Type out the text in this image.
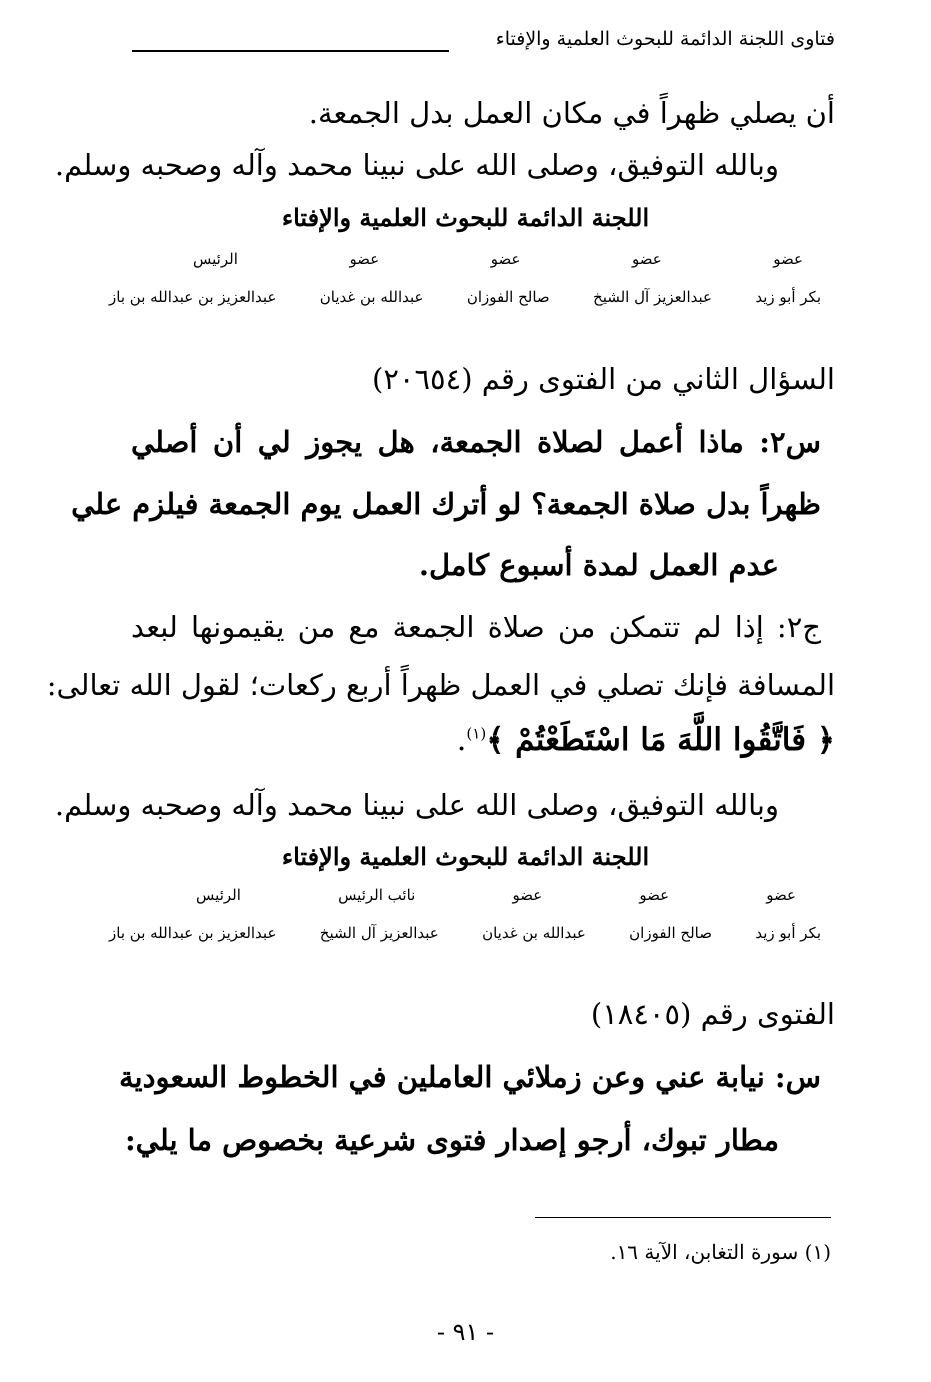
فتاوى اللجنة الدائمة للبحوث العلمية والإفتاء
أن يصلي ظهراً في مكان العمل بدل الجمعة.
وبالله التوفيق، وصلى الله على نبينا محمد وآله وصحبه وسلم.
اللجنة الدائمة للبحوث العلمية والإفتاء
عضو
عضو
عضو
عضو
الرئيس
بكر أبو زيد
عبدالعزيز آل الشيخ
صالح الفوزان
عبدالله بن غديان
عبدالعزيز بن عبدالله بن باز
السؤال الثاني من الفتوى رقم (٢٠٦٥٤)
س٢: ماذا أعمل لصلاة الجمعة، هل يجوز لي أن أصلي
ظهراً بدل صلاة الجمعة؟ لو أترك العمل يوم الجمعة فيلزم علي
عدم العمل لمدة أسبوع كامل.
ج٢: إذا لم تتمكن من صلاة الجمعة مع من يقيمونها لبعد
المسافة فإنك تصلي في العمل ظهراً أربع ركعات؛ لقول الله تعالى:
﴿ فَاتَّقُوا اللَّهَ مَا اسْتَطَعْتُمْ ﴾$^{(١)}$.
وبالله التوفيق، وصلى الله على نبينا محمد وآله وصحبه وسلم.
اللجنة الدائمة للبحوث العلمية والإفتاء
عضو
عضو
عضو
نائب الرئيس
الرئيس
بكر أبو زيد
صالح الفوزان
عبدالله بن غديان
عبدالعزيز آل الشيخ
عبدالعزيز بن عبدالله بن باز
الفتوى رقم (١٨٤٠٥)
س: نيابة عني وعن زملائي العاملين في الخطوط السعودية
مطار تبوك، أرجو إصدار فتوى شرعية بخصوص ما يلي:
(١) سورة التغابن، الآية ١٦.
- ٩١ -
